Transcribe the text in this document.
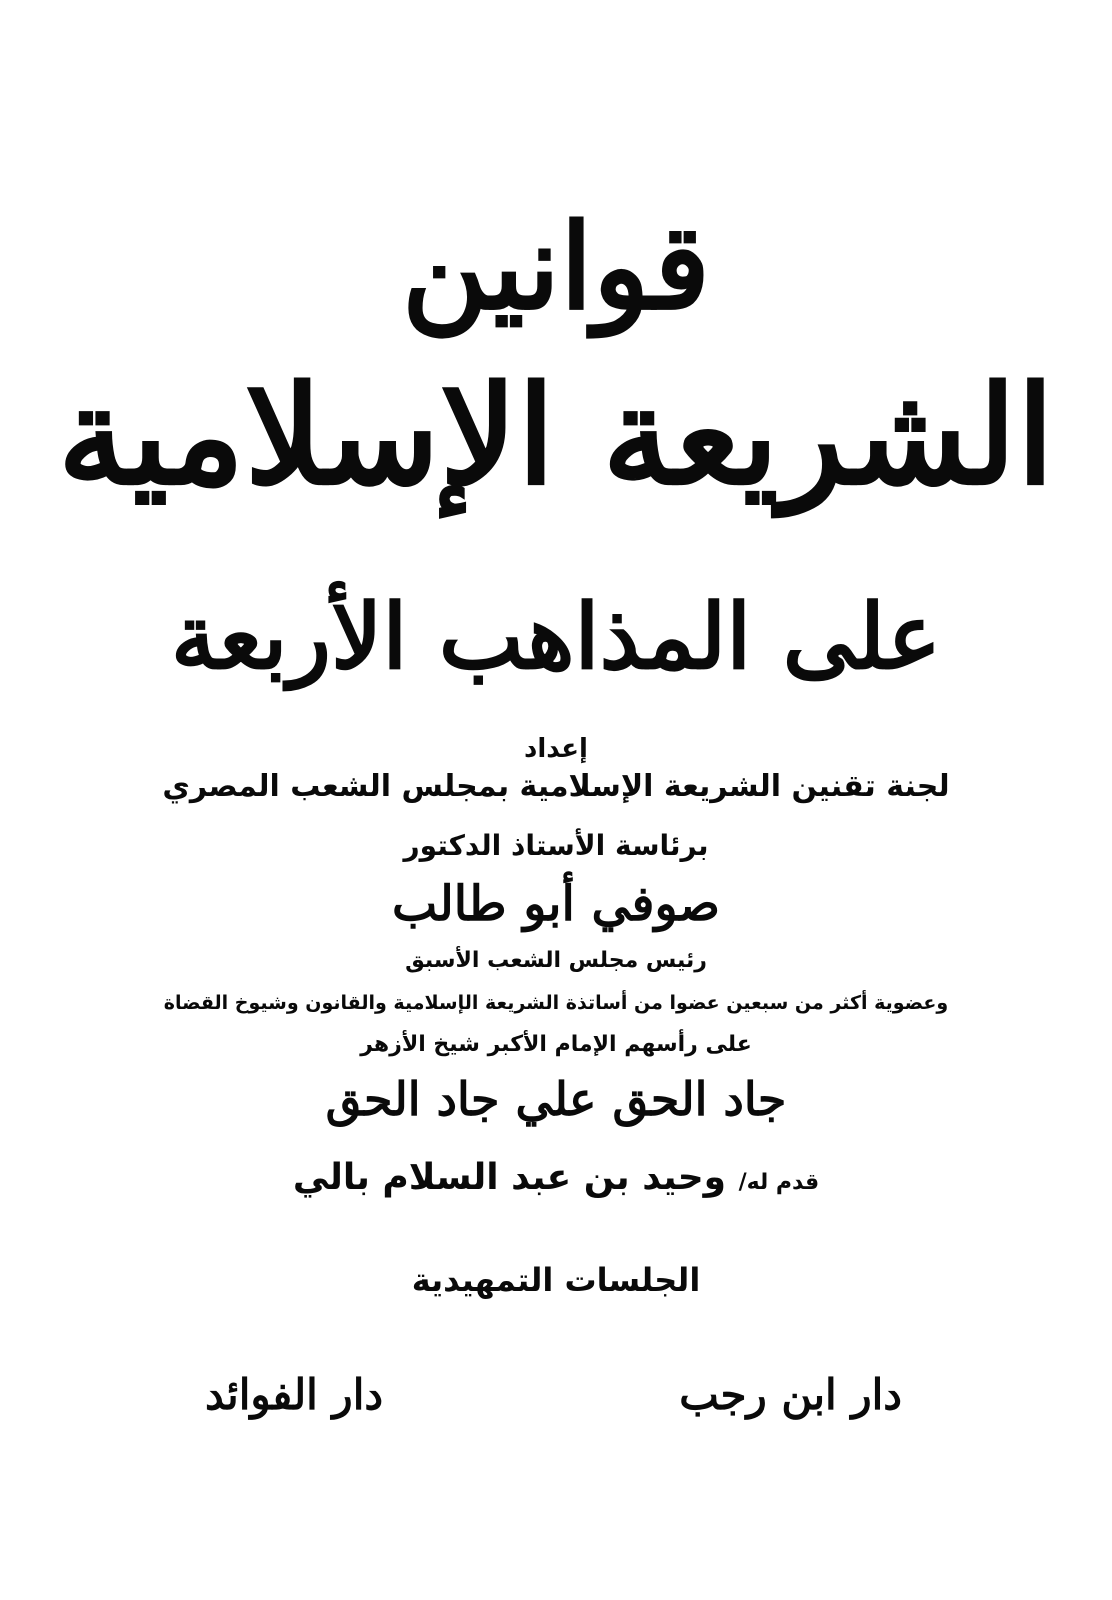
قوانين
الشريعة الإسلامية
على المذاهب الأربعة
إعداد
لجنة تقنين الشريعة الإسلامية بمجلس الشعب المصري
برئاسة الأستاذ الدكتور
صوفي أبو طالب
رئيس مجلس الشعب الأسبق
وعضوية أكثر من سبعين عضوا من أساتذة الشريعة الإسلامية والقانون وشيوخ القضاة
على رأسهم الإمام الأكبر شيخ الأزهر
جاد الحق علي جاد الحق
قدم له/ وحيد بن عبد السلام بالي
الجلسات التمهيدية
دار ابن رجب
دار الفوائد
